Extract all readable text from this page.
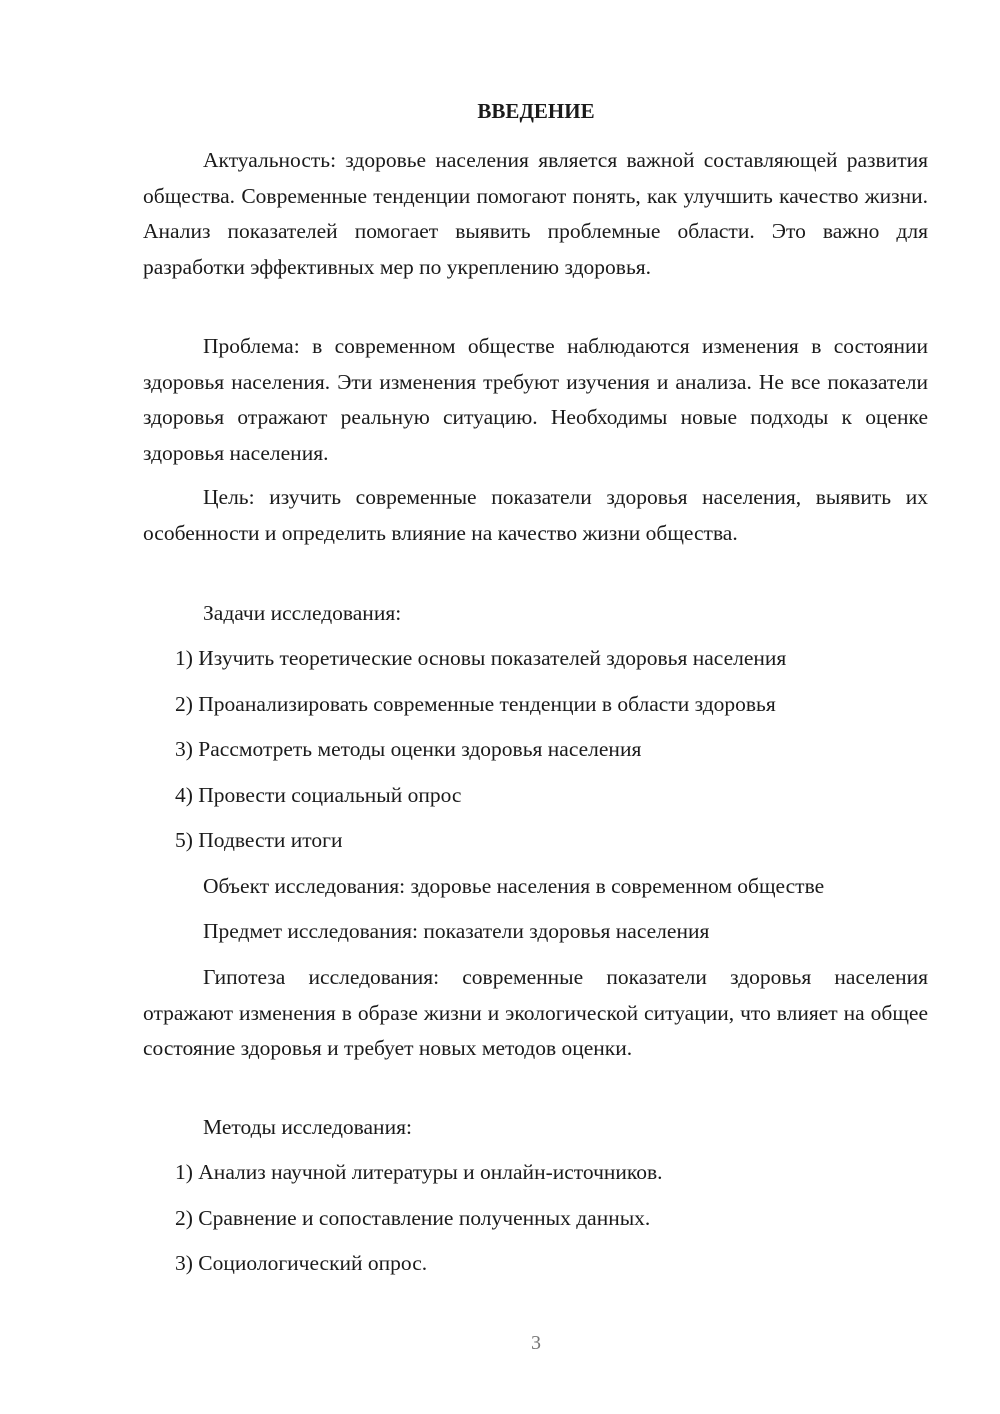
ВВЕДЕНИЕ

Актуальность: здоровье населения является важной составляющей развития общества. Современные тенденции помогают понять, как улучшить качество жизни. Анализ показателей помогает выявить проблемные области. Это важно для разработки эффективных мер по укреплению здоровья.

Проблема: в современном обществе наблюдаются изменения в состоянии здоровья населения. Эти изменения требуют изучения и анализа. Не все показатели здоровья отражают реальную ситуацию. Необходимы новые подходы к оценке здоровья населения.

Цель: изучить современные показатели здоровья населения, выявить их особенности и определить влияние на качество жизни общества.

Задачи исследования:

1) Изучить теоретические основы показателей здоровья населения

2) Проанализировать современные тенденции в области здоровья

3) Рассмотреть методы оценки здоровья населения

4) Провести социальный опрос

5) Подвести итоги

Объект исследования: здоровье населения в современном обществе

Предмет исследования: показатели здоровья населения

Гипотеза исследования: современные показатели здоровья населения отражают изменения в образе жизни и экологической ситуации, что влияет на общее состояние здоровья и требует новых методов оценки.

Методы исследования:

1) Анализ научной литературы и онлайн-источников.

2) Сравнение и сопоставление полученных данных.

3) Социологический опрос.

3
